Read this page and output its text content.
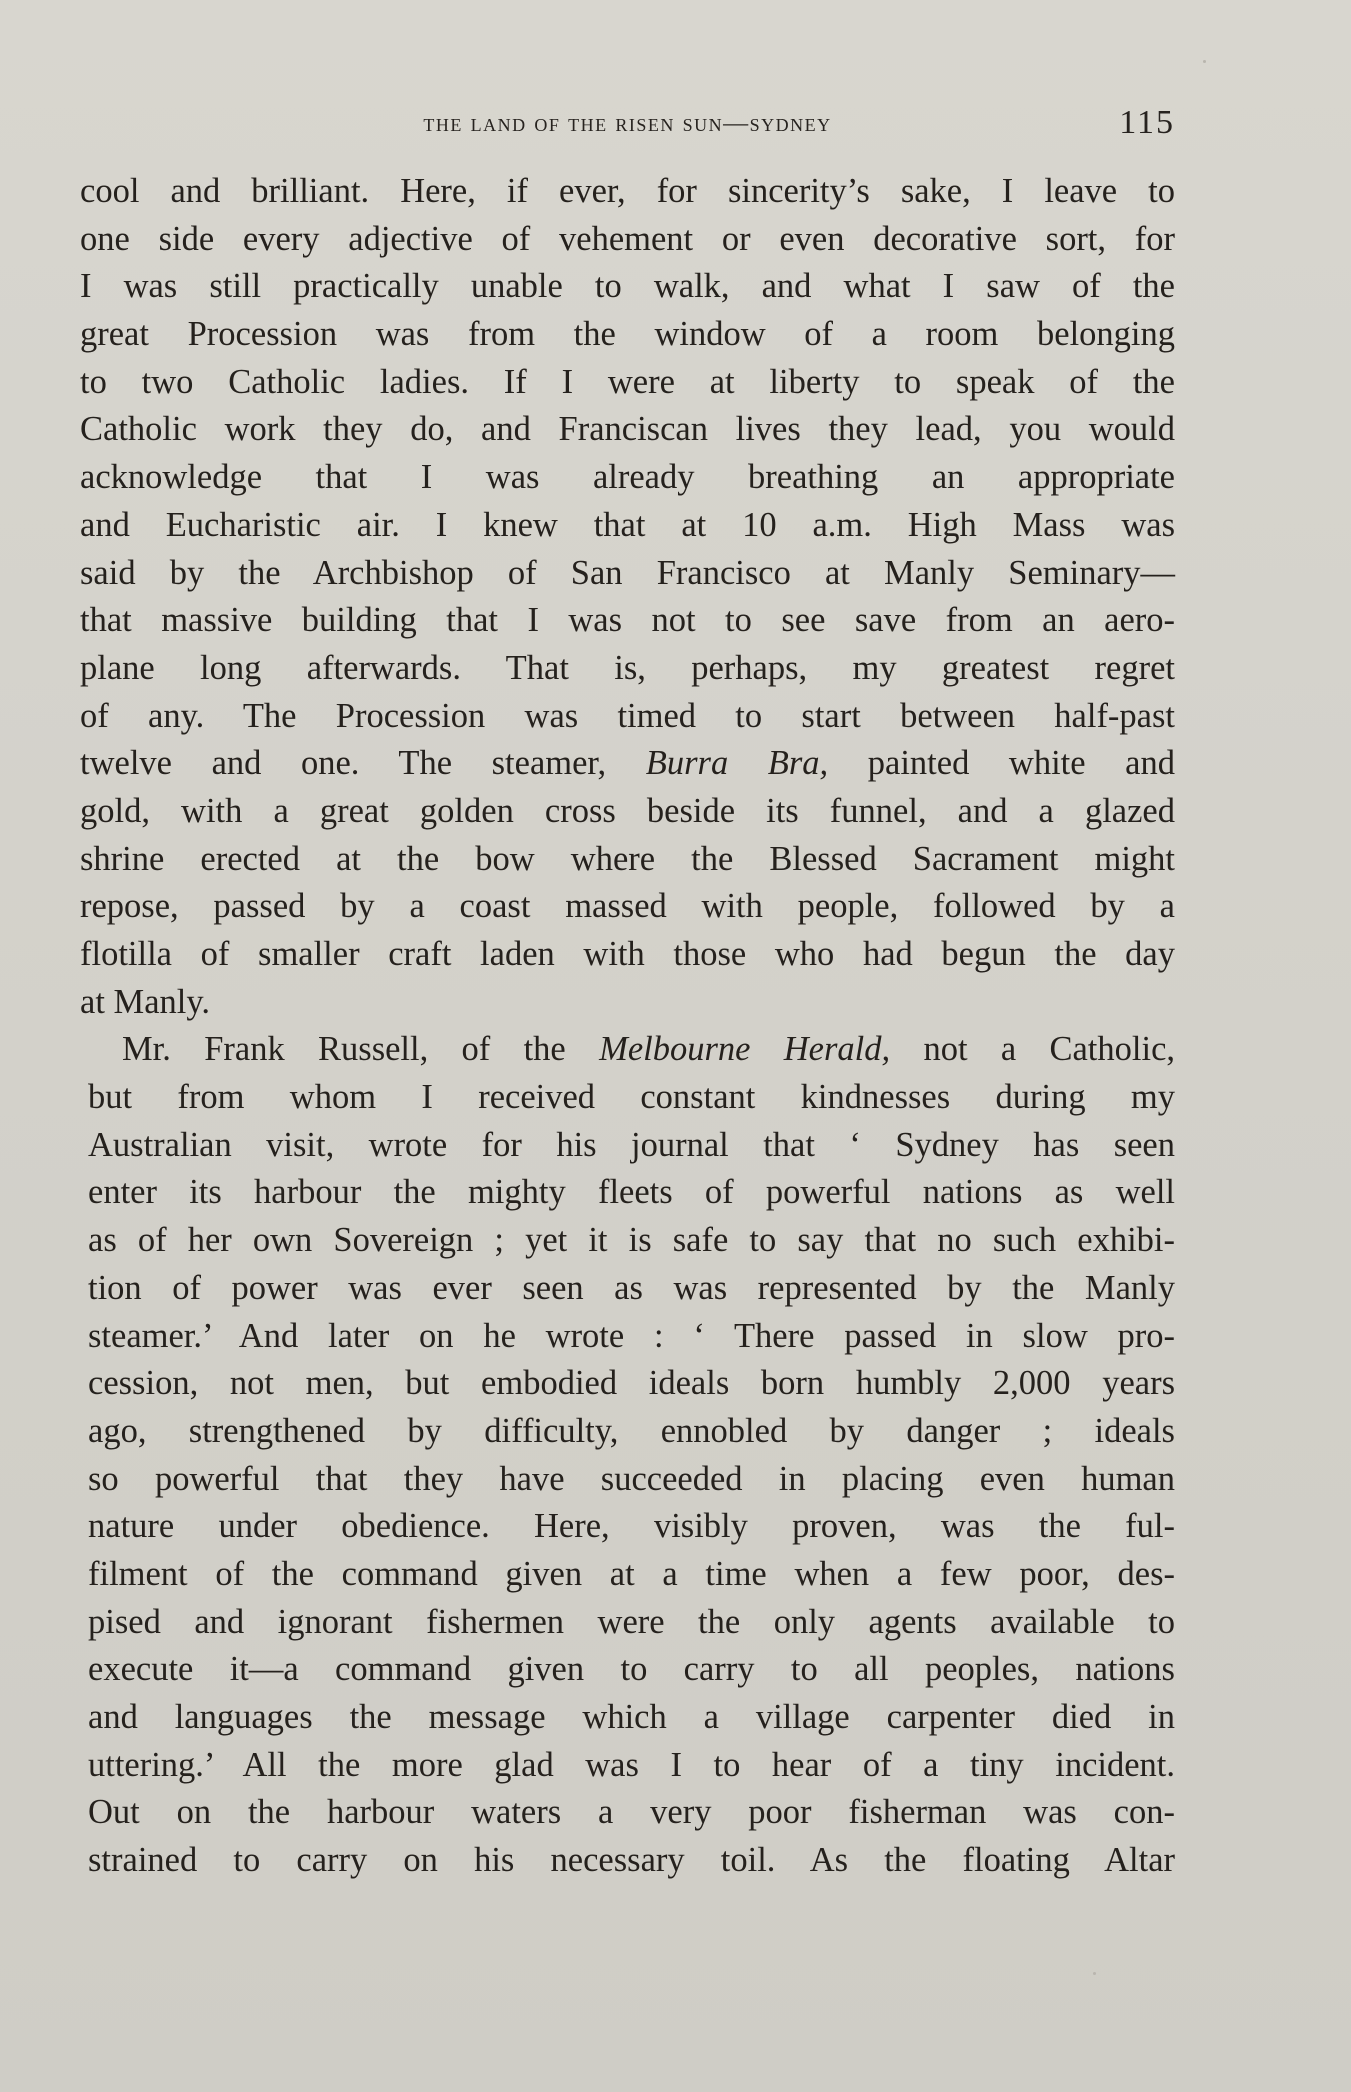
the land of the risen sun—sydney	115
cool and brilliant. Here, if ever, for sincerity’s sake, I leave to
one side every adjective of vehement or even decorative sort, for
I was still practically unable to walk, and what I saw of the
great Procession was from the window of a room belonging
to two Catholic ladies. If I were at liberty to speak of the
Catholic work they do, and Franciscan lives they lead, you would
acknowledge that I was already breathing an appropriate
and Eucharistic air. I knew that at 10 a.m. High Mass was
said by the Archbishop of San Francisco at Manly Seminary—
that massive building that I was not to see save from an aero-
plane long afterwards. That is, perhaps, my greatest regret
of any. The Procession was timed to start between half-past
twelve and one. The steamer, Burra Bra, painted white and
gold, with a great golden cross beside its funnel, and a glazed
shrine erected at the bow where the Blessed Sacrament might
repose, passed by a coast massed with people, followed by a
flotilla of smaller craft laden with those who had begun the day
at Manly.
Mr. Frank Russell, of the Melbourne Herald, not a Catholic,
but from whom I received constant kindnesses during my
Australian visit, wrote for his journal that ‘ Sydney has seen
enter its harbour the mighty fleets of powerful nations as well
as of her own Sovereign ; yet it is safe to say that no such exhibi-
tion of power was ever seen as was represented by the Manly
steamer.’ And later on he wrote : ‘ There passed in slow pro-
cession, not men, but embodied ideals born humbly 2,000 years
ago, strengthened by difficulty, ennobled by danger ; ideals
so powerful that they have succeeded in placing even human
nature under obedience. Here, visibly proven, was the ful-
filment of the command given at a time when a few poor, des-
pised and ignorant fishermen were the only agents available to
execute it—a command given to carry to all peoples, nations
and languages the message which a village carpenter died in
uttering.’ All the more glad was I to hear of a tiny incident.
Out on the harbour waters a very poor fisherman was con-
strained to carry on his necessary toil. As the floating Altar
